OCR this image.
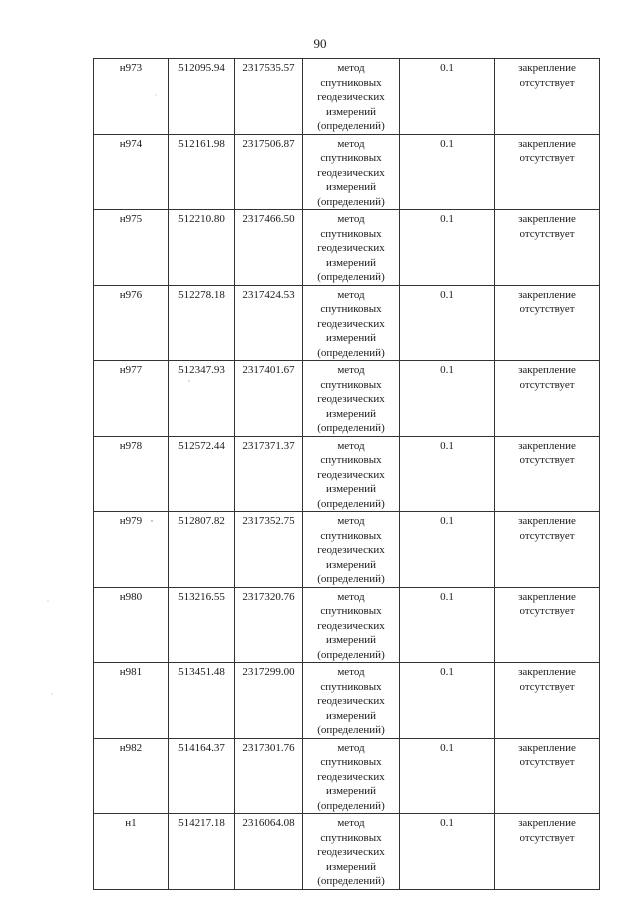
90
н973	512095.94	2317535.57	метод спутниковых геодезических измерений (определений)	0.1	закрепление отсутствует
н974	512161.98	2317506.87	метод спутниковых геодезических измерений (определений)	0.1	закрепление отсутствует
н975	512210.80	2317466.50	метод спутниковых геодезических измерений (определений)	0.1	закрепление отсутствует
н976	512278.18	2317424.53	метод спутниковых геодезических измерений (определений)	0.1	закрепление отсутствует
н977	512347.93	2317401.67	метод спутниковых геодезических измерений (определений)	0.1	закрепление отсутствует
н978	512572.44	2317371.37	метод спутниковых геодезических измерений (определений)	0.1	закрепление отсутствует
н979	512807.82	2317352.75	метод спутниковых геодезических измерений (определений)	0.1	закрепление отсутствует
н980	513216.55	2317320.76	метод спутниковых геодезических измерений (определений)	0.1	закрепление отсутствует
н981	513451.48	2317299.00	метод спутниковых геодезических измерений (определений)	0.1	закрепление отсутствует
н982	514164.37	2317301.76	метод спутниковых геодезических измерений (определений)	0.1	закрепление отсутствует
н1	514217.18	2316064.08	метод спутниковых геодезических измерений (определений)	0.1	закрепление отсутствует
